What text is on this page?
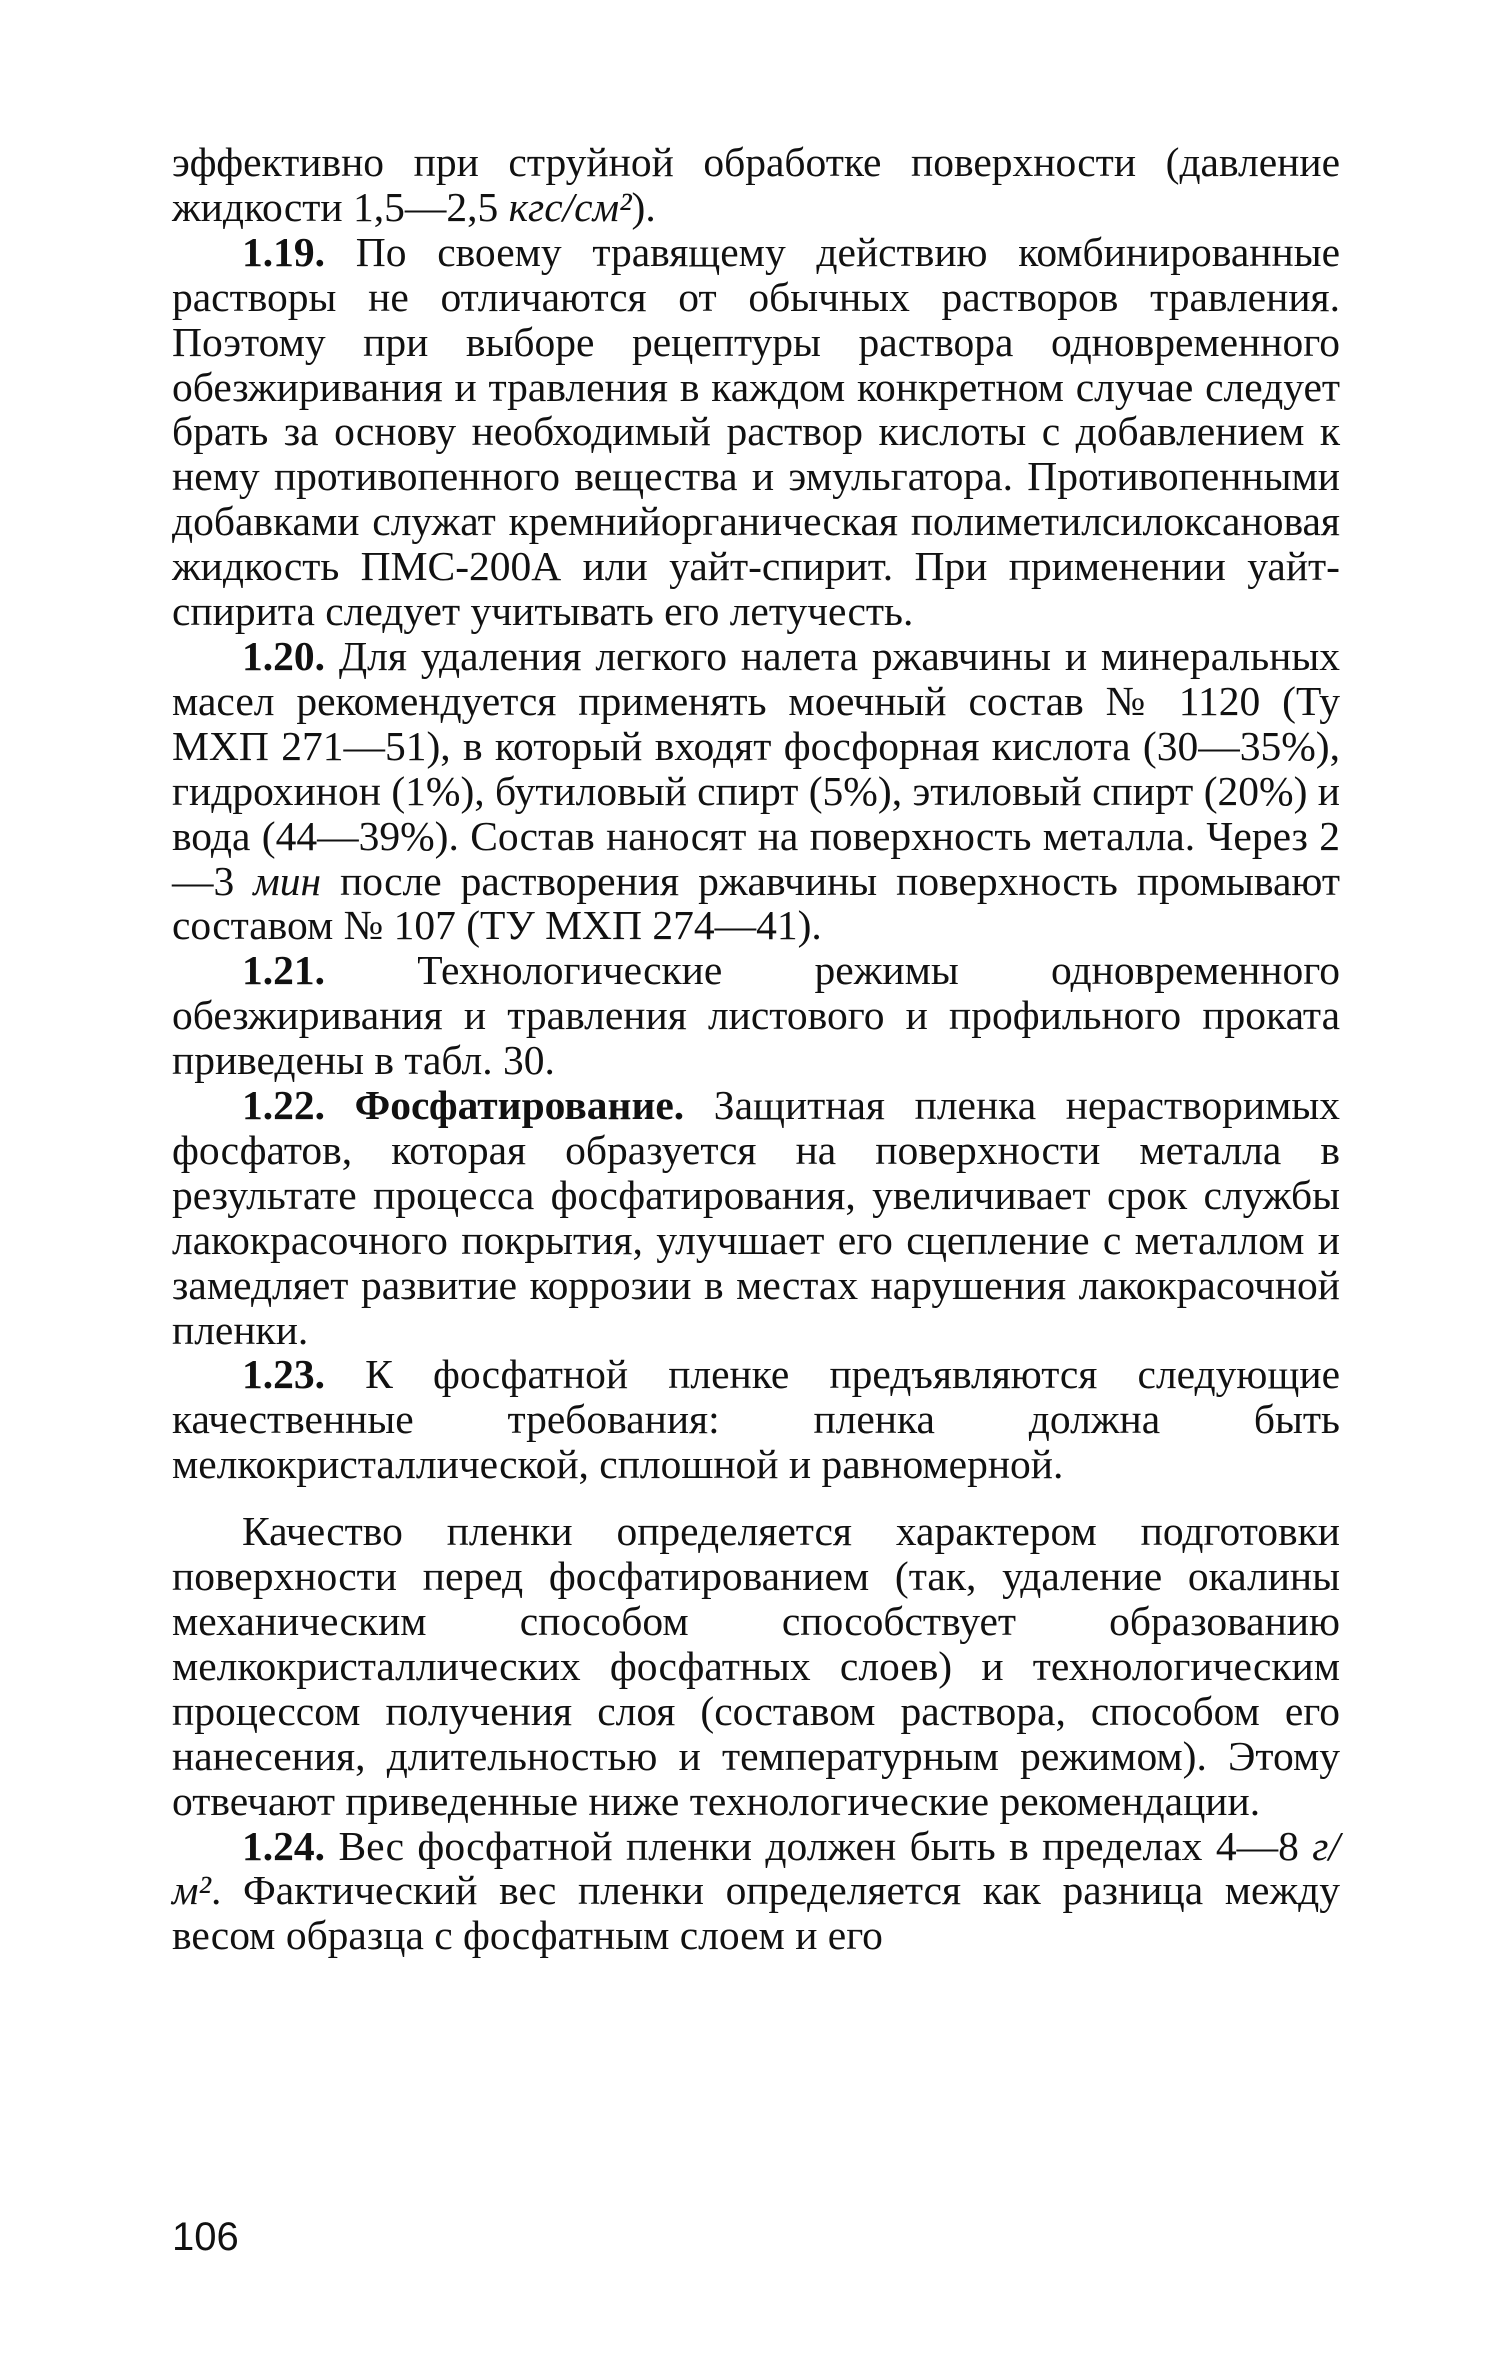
эффективно при струйной обработке поверхности (давление жидкости 1,5—2,5 кгс/см²).

1.19. По своему травящему действию комбинированные растворы не отличаются от обычных растворов травления. Поэтому при выборе рецептуры раствора одновременного обезжиривания и травления в каждом конкретном случае следует брать за основу необходимый раствор кислоты с добавлением к нему противопенного вещества и эмульгатора. Противопенными добавками служат кремнийорганическая полиметилсилоксановая жидкость ПМС-200А или уайт-спирит. При применении уайт-спирита следует учитывать его летучесть.

1.20. Для удаления легкого налета ржавчины и минеральных масел рекомендуется применять моечный состав № 1120 (Ту МХП 271—51), в который входят фосфорная кислота (30—35%), гидрохинон (1%), бутиловый спирт (5%), этиловый спирт (20%) и вода (44—39%). Состав наносят на поверхность металла. Через 2—3 мин после растворения ржавчины поверхность промывают составом № 107 (ТУ МХП 274—41).

1.21. Технологические режимы одновременного обезжиривания и травления листового и профильного проката приведены в табл. 30.

1.22. Фосфатирование. Защитная пленка нерастворимых фосфатов, которая образуется на поверхности металла в результате процесса фосфатирования, увеличивает срок службы лакокрасочного покрытия, улучшает его сцепление с металлом и замедляет развитие коррозии в местах нарушения лакокрасочной пленки.

1.23. К фосфатной пленке предъявляются следующие качественные требования: пленка должна быть мелкокристаллической, сплошной и равномерной.

Качество пленки определяется характером подготовки поверхности перед фосфатированием (так, удаление окалины механическим способом способствует образованию мелкокристаллических фосфатных слоев) и технологическим процессом получения слоя (составом раствора, способом его нанесения, длительностью и температурным режимом). Этому отвечают приведенные ниже технологические рекомендации.

1.24. Вес фосфатной пленки должен быть в пределах 4—8 г/м². Фактический вес пленки определяется как разница между весом образца с фосфатным слоем и его

106
